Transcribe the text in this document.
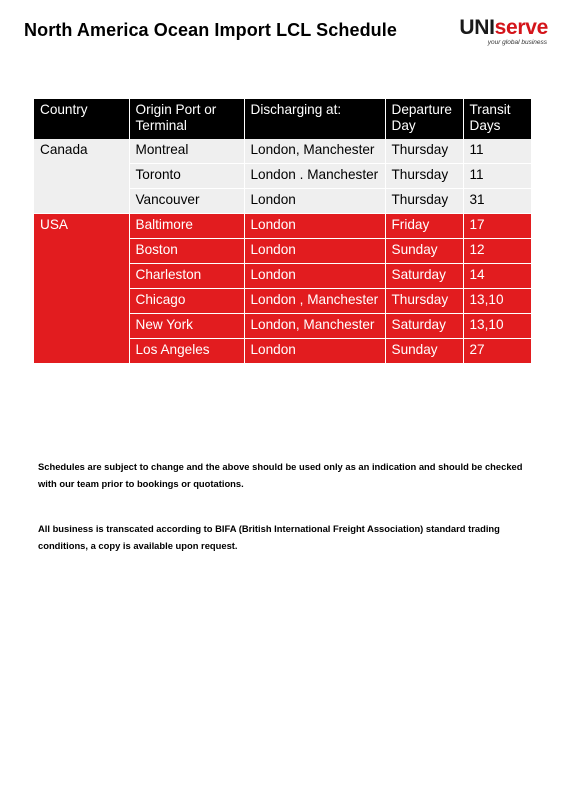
North America Ocean Import LCL Schedule	UNIserve
your global business
Country	Origin Port or Terminal	Discharging at:	Departure Day	Transit Days
Canada	Montreal	London, Manchester	Thursday	11
	Toronto	London . Manchester	Thursday	11
	Vancouver	London	Thursday	31
USA	Baltimore	London	Friday	17
	Boston	London	Sunday	12
	Charleston	London	Saturday	14
	Chicago	London , Manchester	Thursday	13,10
	New York	London, Manchester	Saturday	13,10
	Los Angeles	London	Sunday	27
Schedules are subject to change and the above should be used only as an indication and should be checked with our team prior to bookings or quotations.
All business is transcated according to BIFA (British International Freight Association) standard trading conditions, a copy is available upon request.
